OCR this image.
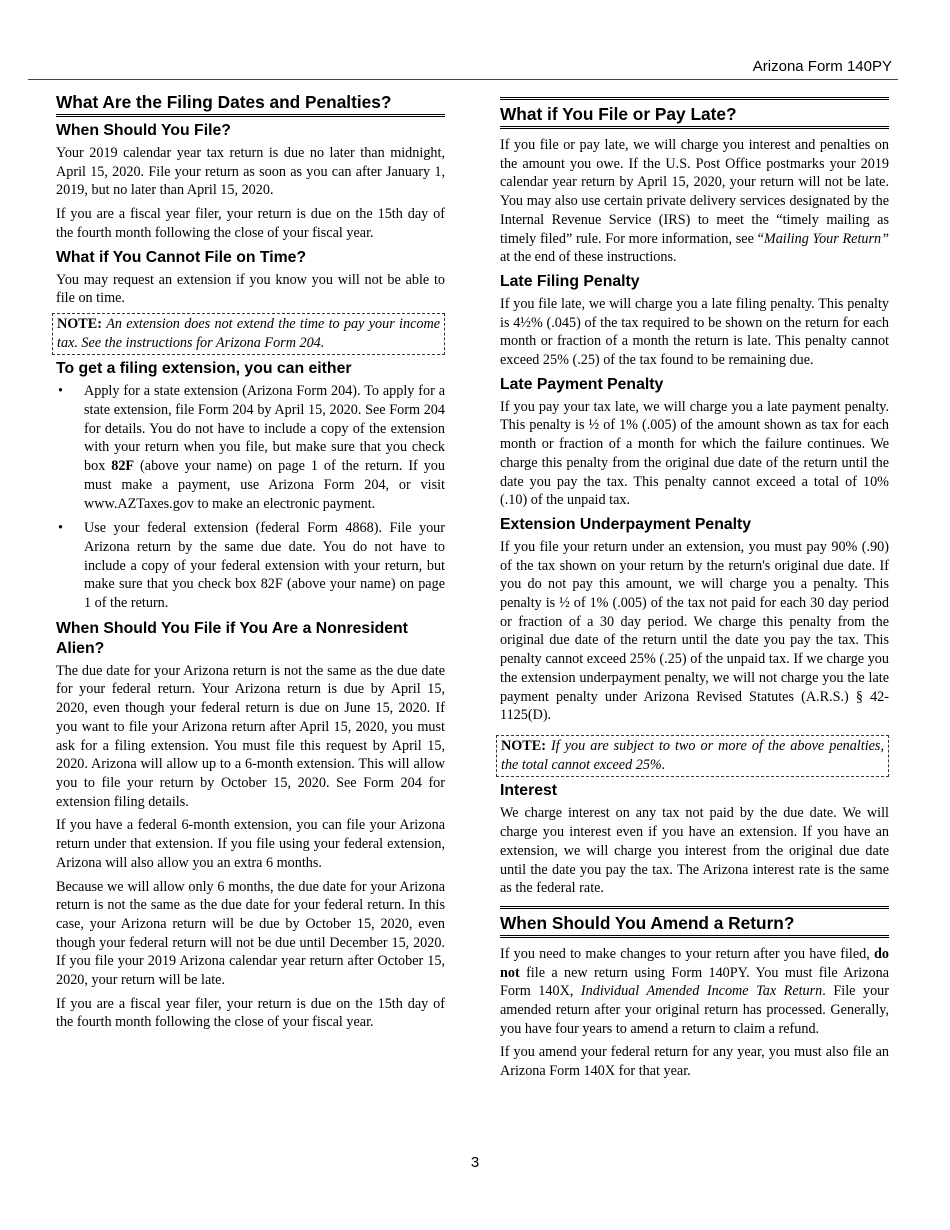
Arizona Form 140PY
What Are the Filing Dates and Penalties?
When Should You File?

Your 2019 calendar year tax return is due no later than midnight, April 15, 2020. File your return as soon as you can after January 1, 2019, but no later than April 15, 2020.

If you are a fiscal year filer, your return is due on the 15th day of the fourth month following the close of your fiscal year.

What if You Cannot File on Time?

You may request an extension if you know you will not be able to file on time.

NOTE: An extension does not extend the time to pay your income tax. See the instructions for Arizona Form 204.
To get a filing extension, you can either
• Apply for a state extension (Arizona Form 204). To apply for a state extension, file Form 204 by April 15, 2020. See Form 204 for details. You do not have to include a copy of the extension with your return when you file, but make sure that you check box 82F (above your name) on page 1 of the return. If you must make a payment, use Arizona Form 204, or visit www.AZTaxes.gov to make an electronic payment.
• Use your federal extension (federal Form 4868). File your Arizona return by the same due date. You do not have to include a copy of your federal extension with your return, but make sure that you check box 82F (above your name) on page 1 of the return.
When Should You File if You Are a Nonresident Alien?

The due date for your Arizona return is not the same as the due date for your federal return. Your Arizona return is due by April 15, 2020, even though your federal return is due on June 15, 2020. If you want to file your Arizona return after April 15, 2020, you must ask for a filing extension. You must file this request by April 15, 2020. Arizona will allow up to a 6-month extension. This will allow you to file your return by October 15, 2020. See Form 204 for extension filing details.

If you have a federal 6-month extension, you can file your Arizona return under that extension. If you file using your federal extension, Arizona will also allow you an extra 6 months.

Because we will allow only 6 months, the due date for your Arizona return is not the same as the due date for your federal return. In this case, your Arizona return will be due by October 15, 2020, even though your federal return will not be due until December 15, 2020. If you file your 2019 Arizona calendar year return after October 15, 2020, your return will be late.

If you are a fiscal year filer, your return is due on the 15th day of the fourth month following the close of your fiscal year.

What if You File or Pay Late?

If you file or pay late, we will charge you interest and penalties on the amount you owe. If the U.S. Post Office postmarks your 2019 calendar year return by April 15, 2020, your return will not be late. You may also use certain private delivery services designated by the Internal Revenue Service (IRS) to meet the “timely mailing as timely filed” rule. For more information, see “Mailing Your Return” at the end of these instructions.

Late Filing Penalty

If you file late, we will charge you a late filing penalty. This penalty is 4½% (.045) of the tax required to be shown on the return for each month or fraction of a month the return is late. This penalty cannot exceed 25% (.25) of the tax found to be remaining due.

Late Payment Penalty

If you pay your tax late, we will charge you a late payment penalty. This penalty is ½ of 1% (.005) of the amount shown as tax for each month or fraction of a month for which the failure continues. We charge this penalty from the original due date of the return until the date you pay the tax. This penalty cannot exceed a total of 10% (.10) of the unpaid tax.

Extension Underpayment Penalty

If you file your return under an extension, you must pay 90% (.90) of the tax shown on your return by the return's original due date. If you do not pay this amount, we will charge you a penalty. This penalty is ½ of 1% (.005) of the tax not paid for each 30 day period or fraction of a 30 day period. We charge this penalty from the original due date of the return until the date you pay the tax. This penalty cannot exceed 25% (.25) of the unpaid tax. If we charge you the extension underpayment penalty, we will not charge you the late payment penalty under Arizona Revised Statutes (A.R.S.) § 42-1125(D).

NOTE: If you are subject to two or more of the above penalties, the total cannot exceed 25%.
Interest

We charge interest on any tax not paid by the due date. We will charge you interest even if you have an extension. If you have an extension, we will charge you interest from the original due date until the date you pay the tax. The Arizona interest rate is the same as the federal rate.

When Should You Amend a Return?

If you need to make changes to your return after you have filed, do not file a new return using Form 140PY. You must file Arizona Form 140X, Individual Amended Income Tax Return. File your amended return after your original return has processed. Generally, you have four years to amend a return to claim a refund.

If you amend your federal return for any year, you must also file an Arizona Form 140X for that year.

3
